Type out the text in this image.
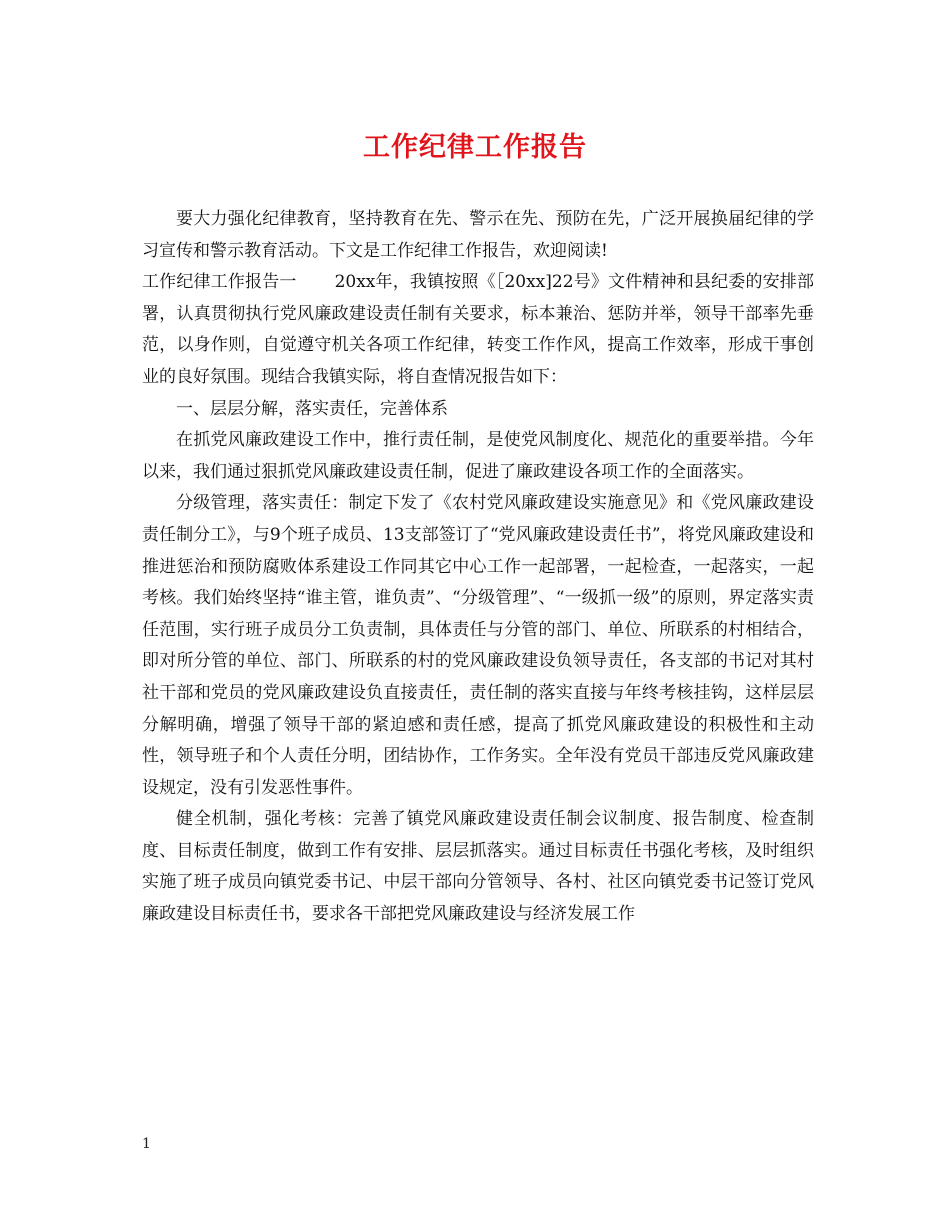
工作纪律工作报告

要大力强化纪律教育，坚持教育在先、警示在先、预防在先，广泛开展换届纪律的学习宣传和警示教育活动。下文是工作纪律工作报告，欢迎阅读!

工作纪律工作报告一 20xx年，我镇按照《［20xx]22号》文件精神和县纪委的安排部署，认真贯彻执行党风廉政建设责任制有关要求，标本兼治、惩防并举，领导干部率先垂范，以身作则，自觉遵守机关各项工作纪律，转变工作作风，提高工作效率，形成干事创业的良好氛围。现结合我镇实际，将自查情况报告如下：

一、层层分解，落实责任，完善体系

在抓党风廉政建设工作中，推行责任制，是使党风制度化、规范化的重要举措。今年以来，我们通过狠抓党风廉政建设责任制，促进了廉政建设各项工作的全面落实。

分级管理，落实责任：制定下发了《农村党风廉政建设实施意见》和《党风廉政建设责任制分工》，与9个班子成员、13支部签订了“党风廉政建设责任书”，将党风廉政建设和推进惩治和预防腐败体系建设工作同其它中心工作一起部署，一起检查，一起落实，一起考核。我们始终坚持“谁主管，谁负责”、“分级管理”、“一级抓一级”的原则，界定落实责任范围，实行班子成员分工负责制，具体责任与分管的部门、单位、所联系的村相结合，即对所分管的单位、部门、所联系的村的党风廉政建设负领导责任，各支部的书记对其村社干部和党员的党风廉政建设负直接责任，责任制的落实直接与年终考核挂钩，这样层层分解明确，增强了领导干部的紧迫感和责任感，提高了抓党风廉政建设的积极性和主动性，领导班子和个人责任分明，团结协作，工作务实。全年没有党员干部违反党风廉政建设规定，没有引发恶性事件。

健全机制，强化考核：完善了镇党风廉政建设责任制会议制度、报告制度、检查制度、目标责任制度，做到工作有安排、层层抓落实。通过目标责任书强化考核，及时组织实施了班子成员向镇党委书记、中层干部向分管领导、各村、社区向镇党委书记签订党风廉政建设目标责任书，要求各干部把党风廉政建设与经济发展工作

1
